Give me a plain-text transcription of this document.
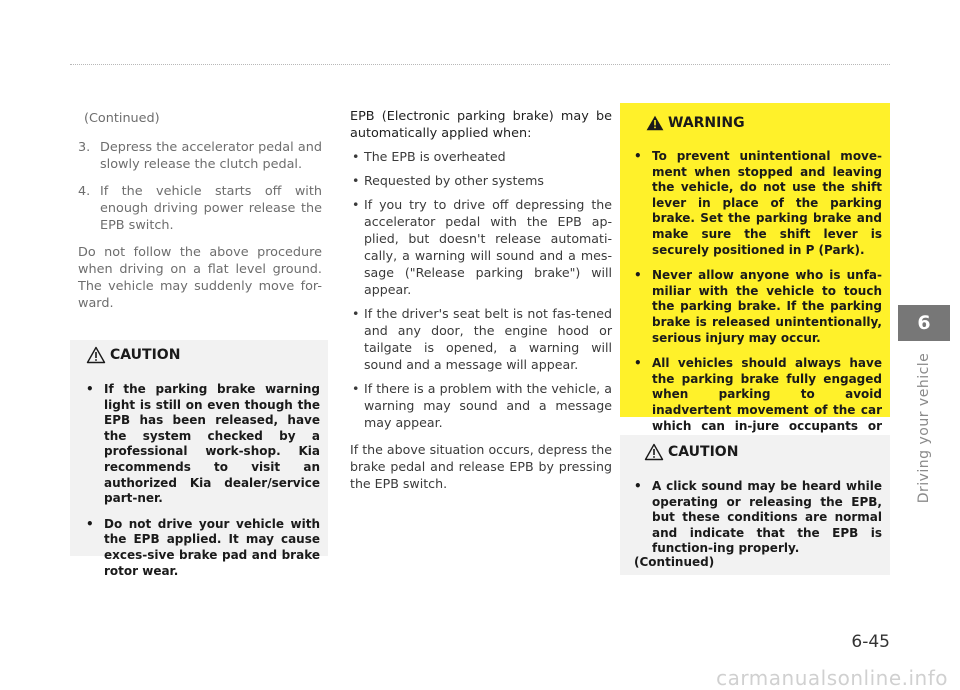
(Continued)

3. Depress the accelerator pedal and slowly release the clutch pedal.
4. If the vehicle starts off with enough driving power release the EPB switch.

Do not follow the above procedure when driving on a flat level ground. The vehicle may suddenly move for-ward.

CAUTION
• If the parking brake warning light is still on even though the EPB has been released, have the system checked by a professional work-shop. Kia recommends to visit an authorized Kia dealer/service part-ner.
• Do not drive your vehicle with the EPB applied. It may cause exces-sive brake pad and brake rotor wear.

EPB (Electronic parking brake) may be automatically applied when:

• The EPB is overheated
• Requested by other systems
• If you try to drive off depressing the accelerator pedal with the EPB ap-plied, but doesn't release automati-cally, a warning will sound and a mes-sage ("Release parking brake") will appear.
• If the driver's seat belt is not fas-tened and any door, the engine hood or tailgate is opened, a warning will sound and a message will appear.
• If there is a problem with the vehicle, a warning may sound and a message may appear.

If the above situation occurs, depress the brake pedal and release EPB by pressing the EPB switch.

WARNING
• To prevent unintentional move-ment when stopped and leaving the vehicle, do not use the shift lever in place of the parking brake. Set the parking brake and make sure the shift lever is securely positioned in P (Park).
• Never allow anyone who is unfa-miliar with the vehicle to touch the parking brake. If the parking brake is released unintentionally, serious injury may occur.
• All vehicles should always have the parking brake fully engaged when parking to avoid inadvertent movement of the car which can in-jure occupants or
CAUTION
• A click sound may be heard while operating or releasing the EPB, but these conditions are normal and indicate that the EPB is function-ing properly.
(Continued)
6
Driving your vehicle
6-45
carmanualsonline.info
